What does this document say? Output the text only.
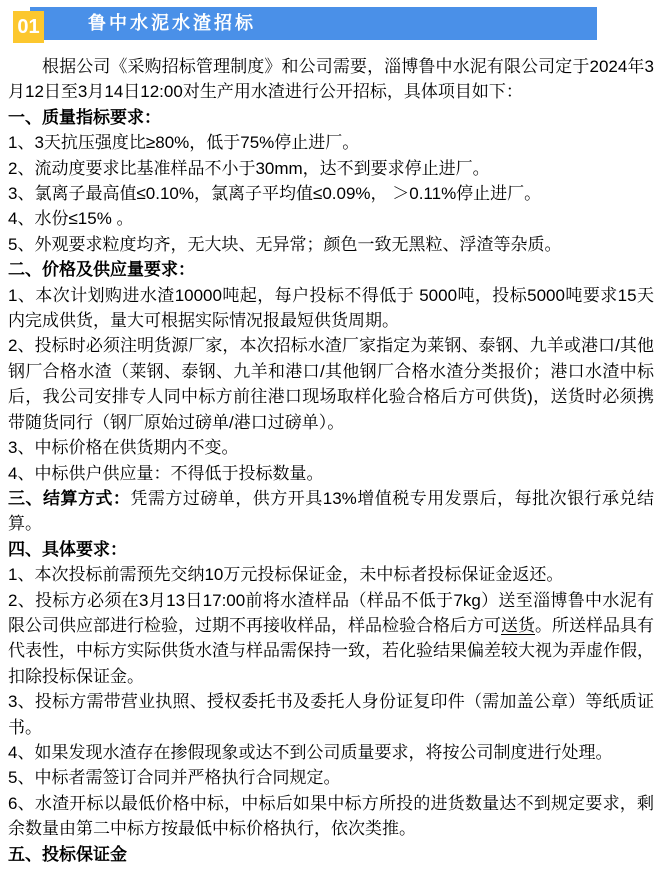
01	鲁中水泥水渣招标

根据公司《采购招标管理制度》和公司需要，淄博鲁中水泥有限公司定于2024年3月12日至3月14日12:00对生产用水渣进行公开招标，具体项目如下：

一、质量指标要求：

1、3天抗压强度比≥80%，低于75%停止进厂。

2、流动度要求比基准样品不小于30mm，达不到要求停止进厂。

3、氯离子最高值≤0.10%，氯离子平均值≤0.09%， ＞0.11%停止进厂。

4、水份≤15% 。

5、外观要求粒度均齐，无大块、无异常；颜色一致无黑粒、浮渣等杂质。

二、价格及供应量要求：

1、本次计划购进水渣10000吨起，每户投标不得低于 5000吨，投标5000吨要求15天内完成供货，量大可根据实际情况报最短供货周期。

2、投标时必须注明货源厂家，本次招标水渣厂家指定为莱钢、泰钢、九羊或港口/其他钢厂合格水渣（莱钢、泰钢、九羊和港口/其他钢厂合格水渣分类报价；港口水渣中标后，我公司安排专人同中标方前往港口现场取样化验合格后方可供货)，送货时必须携带随货同行（钢厂原始过磅单/港口过磅单）。

3、中标价格在供货期内不变。

4、中标供户供应量：不得低于投标数量。

三、结算方式：凭需方过磅单，供方开具13%增值税专用发票后，每批次银行承兑结算。

四、具体要求：

1、本次投标前需预先交纳10万元投标保证金，未中标者投标保证金返还。

2、投标方必须在3月13日17:00前将水渣样品（样品不低于7kg）送至淄博鲁中水泥有限公司供应部进行检验，过期不再接收样品，样品检验合格后方可送货。所送样品具有代表性，中标方实际供货水渣与样品需保持一致，若化验结果偏差较大视为弄虚作假，扣除投标保证金。

3、投标方需带营业执照、授权委托书及委托人身份证复印件（需加盖公章）等纸质证书。

4、如果发现水渣存在掺假现象或达不到公司质量要求，将按公司制度进行处理。

5、中标者需签订合同并严格执行合同规定。

6、水渣开标以最低价格中标，中标后如果中标方所投的进货数量达不到规定要求，剩余数量由第二中标方按最低中标价格执行，依次类推。

五、投标保证金
